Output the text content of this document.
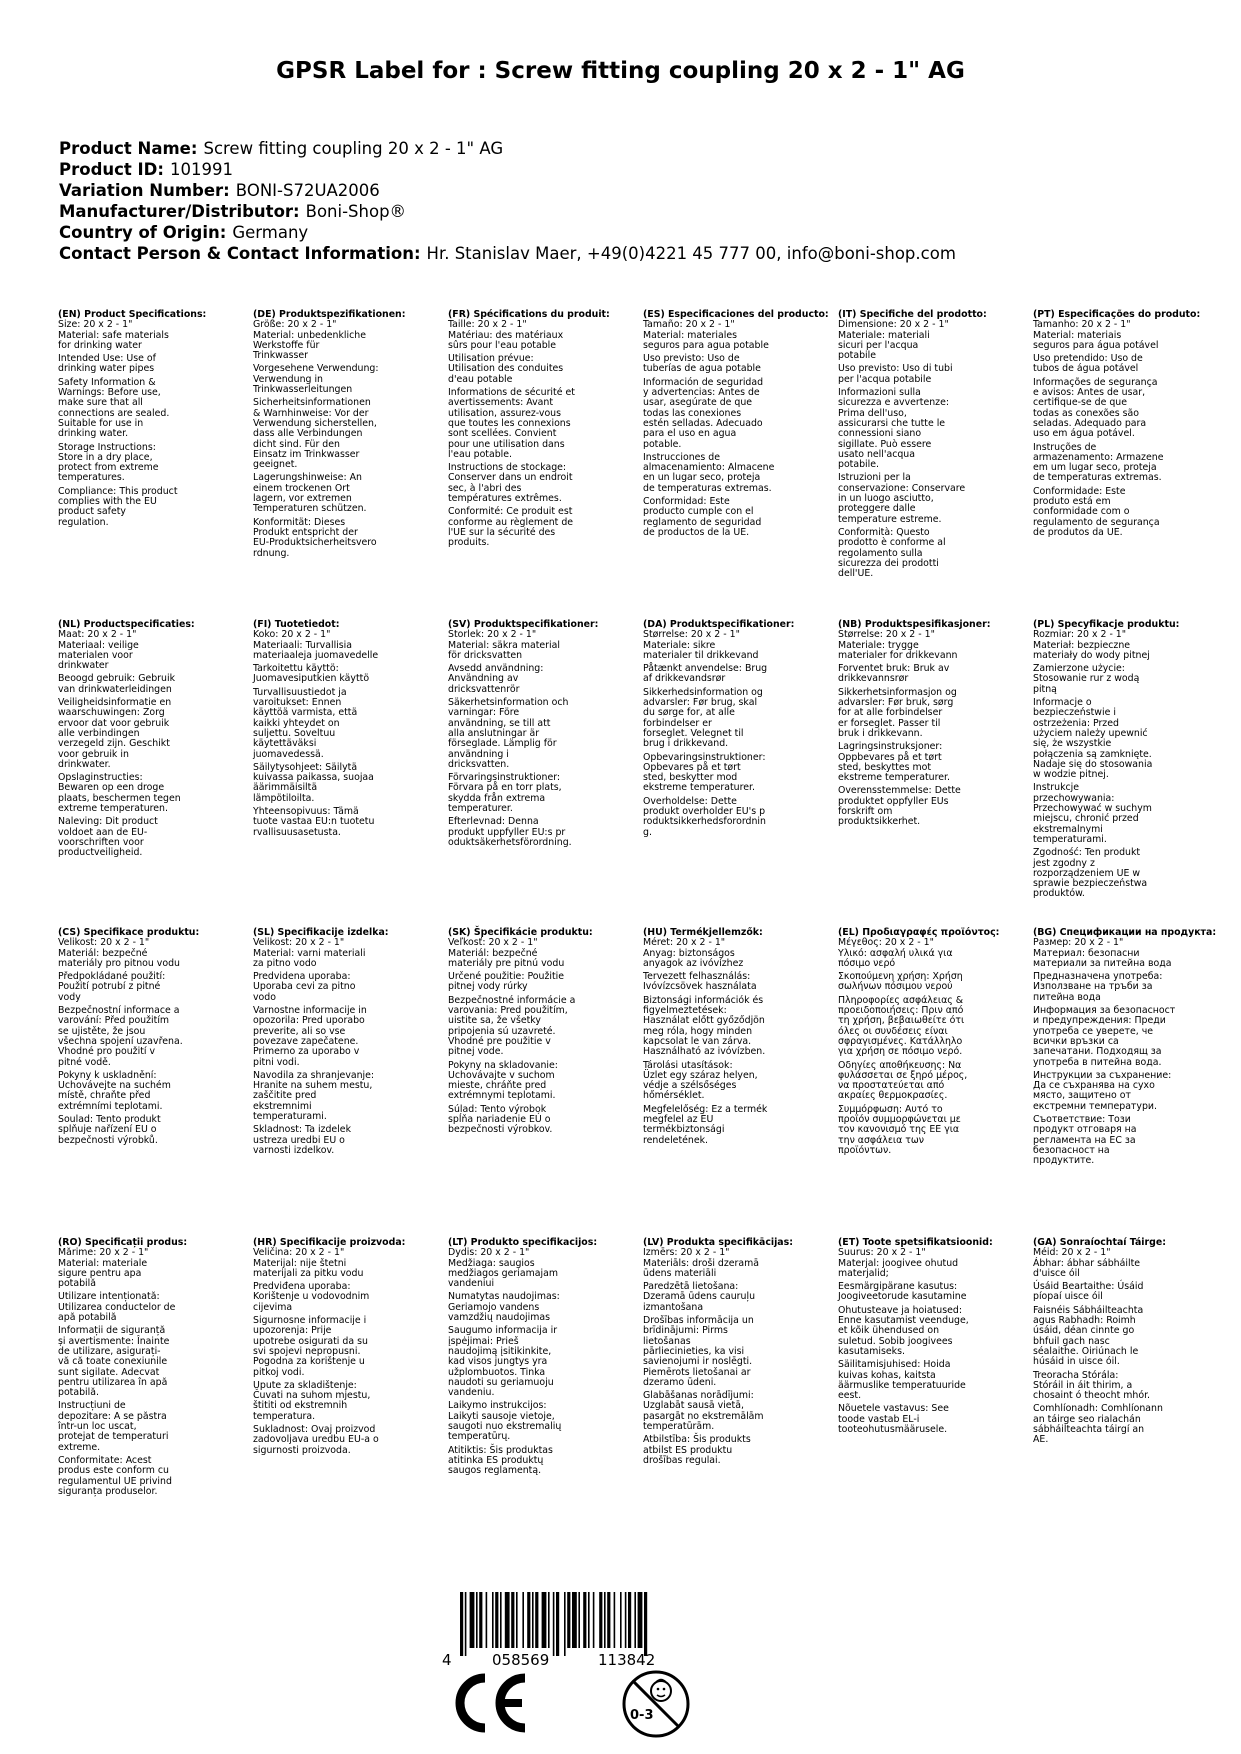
GPSR Label for : Screw fitting coupling 20 x 2 - 1" AG
Product Name: Screw fitting coupling 20 x 2 - 1" AG
Product ID: 101991
Variation Number: BONI-S72UA2006
Manufacturer/Distributor: Boni-Shop®
Country of Origin: Germany
Contact Person & Contact Information: Hr. Stanislav Maer, +49(0)4221 45 777 00, info@boni-shop.com
(EN) Product Specifications:
Size: 20 x 2 - 1"
Material: safe materials
for drinking water
Intended Use: Use of
drinking water pipes
Safety Information &
Warnings: Before use,
make sure that all
connections are sealed.
Suitable for use in
drinking water.
Storage Instructions:
Store in a dry place,
protect from extreme
temperatures.
Compliance: This product
complies with the EU
product safety
regulation.
(DE) Produktspezifikationen:
Größe: 20 x 2 - 1"
Material: unbedenkliche
Werkstoffe für
Trinkwasser
Vorgesehene Verwendung:
Verwendung in
Trinkwasserleitungen
Sicherheitsinformationen
& Warnhinweise: Vor der
Verwendung sicherstellen,
dass alle Verbindungen
dicht sind. Für den
Einsatz im Trinkwasser
geeignet.
Lagerungshinweise: An
einem trockenen Ort
lagern, vor extremen
Temperaturen schützen.
Konformität: Dieses
Produkt entspricht der
EU-Produktsicherheitsvero
rdnung.
(FR) Spécifications du produit:
Taille: 20 x 2 - 1"
Matériau: des matériaux
sûrs pour l'eau potable
Utilisation prévue:
Utilisation des conduites
d'eau potable
Informations de sécurité et
avertissements: Avant
utilisation, assurez-vous
que toutes les connexions
sont scellées. Convient
pour une utilisation dans
l'eau potable.
Instructions de stockage:
Conserver dans un endroit
sec, à l'abri des
températures extrêmes.
Conformité: Ce produit est
conforme au règlement de
l'UE sur la sécurité des
produits.
(ES) Especificaciones del producto:
Tamaño: 20 x 2 - 1"
Material: materiales
seguros para agua potable
Uso previsto: Uso de
tuberías de agua potable
Información de seguridad
y advertencias: Antes de
usar, asegúrate de que
todas las conexiones
estén selladas. Adecuado
para el uso en agua
potable.
Instrucciones de
almacenamiento: Almacene
en un lugar seco, proteja
de temperaturas extremas.
Conformidad: Este
producto cumple con el
reglamento de seguridad
de productos de la UE.
(IT) Specifiche del prodotto:
Dimensione: 20 x 2 - 1"
Materiale: materiali
sicuri per l'acqua
potabile
Uso previsto: Uso di tubi
per l'acqua potabile
Informazioni sulla
sicurezza e avvertenze:
Prima dell'uso,
assicurarsi che tutte le
connessioni siano
sigillate. Può essere
usato nell'acqua
potabile.
Istruzioni per la
conservazione: Conservare
in un luogo asciutto,
proteggere dalle
temperature estreme.
Conformità: Questo
prodotto è conforme al
regolamento sulla
sicurezza dei prodotti
dell'UE.
(PT) Especificações do produto:
Tamanho: 20 x 2 - 1"
Material: materiais
seguros para água potável
Uso pretendido: Uso de
tubos de água potável
Informações de segurança
e avisos: Antes de usar,
certifique-se de que
todas as conexões são
seladas. Adequado para
uso em água potável.
Instruções de
armazenamento: Armazene
em um lugar seco, proteja
de temperaturas extremas.
Conformidade: Este
produto está em
conformidade com o
regulamento de segurança
de produtos da UE.
(NL) Productspecificaties:
Maat: 20 x 2 - 1"
Materiaal: veilige
materialen voor
drinkwater
Beoogd gebruik: Gebruik
van drinkwaterleidingen
Veiligheidsinformatie en
waarschuwingen: Zorg
ervoor dat voor gebruik
alle verbindingen
verzegeld zijn. Geschikt
voor gebruik in
drinkwater.
Opslaginstructies:
Bewaren op een droge
plaats, beschermen tegen
extreme temperaturen.
Naleving: Dit product
voldoet aan de EU-
voorschriften voor
productveiligheid.
(FI) Tuotetiedot:
Koko: 20 x 2 - 1"
Materiaali: Turvallisia
materiaaleja juomavedelle
Tarkoitettu käyttö:
Juomavesiputkien käyttö
Turvallisuustiedot ja
varoitukset: Ennen
käyttöä varmista, että
kaikki yhteydet on
suljettu. Soveltuu
käytettäväksi
juomavedessä.
Säilytysohjeet: Säilytä
kuivassa paikassa, suojaa
äärimmäisiltä
lämpötiloilta.
Yhteensopivuus: Tämä
tuote vastaa EU:n tuotetu
rvallisuusasetusta.
(SV) Produktspecifikationer:
Storlek: 20 x 2 - 1"
Material: säkra material
för dricksvatten
Avsedd användning:
Användning av
dricksvattenrör
Säkerhetsinformation och
varningar: Före
användning, se till att
alla anslutningar är
förseglade. Lämplig för
användning i
dricksvatten.
Förvaringsinstruktioner:
Förvara på en torr plats,
skydda från extrema
temperaturer.
Efterlevnad: Denna
produkt uppfyller EU:s pr
oduktsäkerhetsförordning.
(DA) Produktspecifikationer:
Størrelse: 20 x 2 - 1"
Materiale: sikre
materialer til drikkevand
Påtænkt anvendelse: Brug
af drikkevandsrør
Sikkerhedsinformation og
advarsler: Før brug, skal
du sørge for, at alle
forbindelser er
forseglet. Velegnet til
brug i drikkevand.
Opbevaringsinstruktioner:
Opbevares på et tørt
sted, beskytter mod
ekstreme temperaturer.
Overholdelse: Dette
produkt overholder EU's p
roduktsikkerhedsforordnin
g.
(NB) Produktspesifikasjoner:
Størrelse: 20 x 2 - 1"
Materiale: trygge
materialer for drikkevann
Forventet bruk: Bruk av
drikkevannsrør
Sikkerhetsinformasjon og
advarsler: Før bruk, sørg
for at alle forbindelser
er forseglet. Passer til
bruk i drikkevann.
Lagringsinstruksjoner:
Oppbevares på et tørt
sted, beskyttes mot
ekstreme temperaturer.
Overensstemmelse: Dette
produktet oppfyller EUs
forskrift om
produktsikkerhet.
(PL) Specyfikacje produktu:
Rozmiar: 20 x 2 - 1"
Materiał: bezpieczne
materiały do wody pitnej
Zamierzone użycie:
Stosowanie rur z wodą
pitną
Informacje o
bezpieczeństwie i
ostrzeżenia: Przed
użyciem należy upewnić
się, że wszystkie
połączenia są zamknięte.
Nadaje się do stosowania
w wodzie pitnej.
Instrukcje
przechowywania:
Przechowywać w suchym
miejscu, chronić przed
ekstremalnymi
temperaturami.
Zgodność: Ten produkt
jest zgodny z
rozporządzeniem UE w
sprawie bezpieczeństwa
produktów.
(CS) Specifikace produktu:
Velikost: 20 x 2 - 1"
Materiál: bezpečné
materiály pro pitnou vodu
Předpokládané použití:
Použití potrubí z pitné
vody
Bezpečnostní informace a
varování: Před použitím
se ujistěte, že jsou
všechna spojení uzavřena.
Vhodné pro použití v
pitné vodě.
Pokyny k uskladnění:
Uchovávejte na suchém
místě, chraňte před
extrémními teplotami.
Soulad: Tento produkt
splňuje nařízení EU o
bezpečnosti výrobků.
(SL) Specifikacije izdelka:
Velikost: 20 x 2 - 1"
Material: varni materiali
za pitno vodo
Predvidena uporaba:
Uporaba cevi za pitno
vodo
Varnostne informacije in
opozorila: Pred uporabo
preverite, ali so vse
povezave zapečatene.
Primerno za uporabo v
pitni vodi.
Navodila za shranjevanje:
Hranite na suhem mestu,
zaščitite pred
ekstremnimi
temperaturami.
Skladnost: Ta izdelek
ustreza uredbi EU o
varnosti izdelkov.
(SK) Špecifikácie produktu:
Veľkosť: 20 x 2 - 1"
Materiál: bezpečné
materiály pre pitnú vodu
Určené použitie: Použitie
pitnej vody rúrky
Bezpečnostné informácie a
varovania: Pred použitím,
uistite sa, že všetky
pripojenia sú uzavreté.
Vhodné pre použitie v
pitnej vode.
Pokyny na skladovanie:
Uchovávajte v suchom
mieste, chráňte pred
extrémnymi teplotami.
Súlad: Tento výrobok
spĺňa nariadenie EÚ o
bezpečnosti výrobkov.
(HU) Termékjellemzők:
Méret: 20 x 2 - 1"
Anyag: biztonságos
anyagok az ivóvízhez
Tervezett felhasználás:
Ivóvízcsövek használata
Biztonsági információk és
figyelmeztetések:
Használat előtt győződjön
meg róla, hogy minden
kapcsolat le van zárva.
Használható az ivóvízben.
Tárolási utasítások:
Üzlet egy száraz helyen,
védje a szélsőséges
hőmérséklet.
Megfelelőség: Ez a termék
megfelel az EU
termékbiztonsági
rendeletének.
(EL) Προδιαγραφές προϊόντος:
Μέγεθος: 20 x 2 - 1"
Υλικό: ασφαλή υλικά για
πόσιμο νερό
Σκοπούμενη χρήση: Χρήση
σωλήνων πόσιμου νερού
Πληροφορίες ασφάλειας &
προειδοποιήσεις: Πριν από
τη χρήση, βεβαιωθείτε ότι
όλες οι συνδέσεις είναι
σφραγισμένες. Κατάλληλο
για χρήση σε πόσιμο νερό.
Οδηγίες αποθήκευσης: Να
φυλάσσεται σε ξηρό μέρος,
να προστατεύεται από
ακραίες θερμοκρασίες.
Συμμόρφωση: Αυτό το
προϊόν συμμορφώνεται με
τον κανονισμό της ΕΕ για
την ασφάλεια των
προϊόντων.
(BG) Спецификации на продукта:
Размер: 20 x 2 - 1"
Материал: безопасни
материали за питейна вода
Предназначена употреба:
Използване на тръби за
питейна вода
Информация за безопасност
и предупреждения: Преди
употреба се уверете, че
всички връзки са
запечатани. Подходящ за
употреба в питейна вода.
Инструкции за съхранение:
Да се съхранява на сухо
място, защитено от
екстремни температури.
Съответствие: Този
продукт отговаря на
регламента на ЕС за
безопасност на
продуктите.
(RO) Specificații produs:
Mărime: 20 x 2 - 1"
Material: materiale
sigure pentru apa
potabilă
Utilizare intenționată:
Utilizarea conductelor de
apă potabilă
Informații de siguranță
și avertismente: Înainte
de utilizare, asigurați-
vă că toate conexiunile
sunt sigilate. Adecvat
pentru utilizarea în apă
potabilă.
Instrucțiuni de
depozitare: A se păstra
într-un loc uscat,
protejat de temperaturi
extreme.
Conformitate: Acest
produs este conform cu
regulamentul UE privind
siguranța produselor.
(HR) Specifikacije proizvoda:
Veličina: 20 x 2 - 1"
Materijal: nije štetni
materijali za pitku vodu
Predviđena uporaba:
Korištenje u vodovodnim
cijevima
Sigurnosne informacije i
upozorenja: Prije
upotrebe osigurati da su
svi spojevi nepropusni.
Pogodna za korištenje u
pitkoj vodi.
Upute za skladištenje:
Čuvati na suhom mjestu,
štititi od ekstremnih
temperatura.
Sukladnost: Ovaj proizvod
zadovoljava uredbu EU-a o
sigurnosti proizvoda.
(LT) Produkto specifikacijos:
Dydis: 20 x 2 - 1"
Medžiaga: saugios
medžiagos geriamajam
vandeniui
Numatytas naudojimas:
Geriamojo vandens
vamzdžių naudojimas
Saugumo informacija ir
įspėjimai: Prieš
naudojimą įsitikinkite,
kad visos jungtys yra
užplombuotos. Tinka
naudoti su geriamuoju
vandeniu.
Laikymo instrukcijos:
Laikyti sausoje vietoje,
saugoti nuo ekstremalių
temperatūrų.
Atitiktis: Šis produktas
atitinka ES produktų
saugos reglamentą.
(LV) Produkta specifikācijas:
Izmērs: 20 x 2 - 1"
Materiāls: droši dzeramā
ūdens materiāli
Paredzētā lietošana:
Dzeramā ūdens cauruļu
izmantošana
Drošības informācija un
brīdinājumi: Pirms
lietošanas
pārliecinieties, ka visi
savienojumi ir noslēgti.
Piemērots lietošanai ar
dzeramo ūdeni.
Glabāšanas norādījumi:
Uzglabāt sausā vietā,
pasargāt no ekstremālām
temperatūrām.
Atbilstība: Šis produkts
atbilst ES produktu
drošības regulai.
(ET) Toote spetsifikatsioonid:
Suurus: 20 x 2 - 1"
Materjal: joogivee ohutud
materjalid;
Eesmärgipärane kasutus:
Joogiveetorude kasutamine
Ohutusteave ja hoiatused:
Enne kasutamist veenduge,
et kõik ühendused on
suletud. Sobib joogivees
kasutamiseks.
Säilitamisjuhised: Hoida
kuivas kohas, kaitsta
äärmuslike temperatuuride
eest.
Nõuetele vastavus: See
toode vastab EL-i
tooteohutusmäärusele.
(GA) Sonraíochtaí Táirge:
Méid: 20 x 2 - 1"
Ábhar: ábhar sábháilte
d'uisce óil
Úsáid Beartaithe: Úsáid
píopaí uisce óil
Faisnéis Sábháilteachta
agus Rabhadh: Roimh
úsáid, déan cinnte go
bhfuil gach nasc
séalaithe. Oiriúnach le
húsáid in uisce óil.
Treoracha Stórála:
Stóráil in áit thirim, a
chosaint ó theocht mhór.
Comhlíonadh: Comhlíonann
an táirge seo rialachán
sábháilteachta táirgí an
AE.
4	058569	113842
0-3
